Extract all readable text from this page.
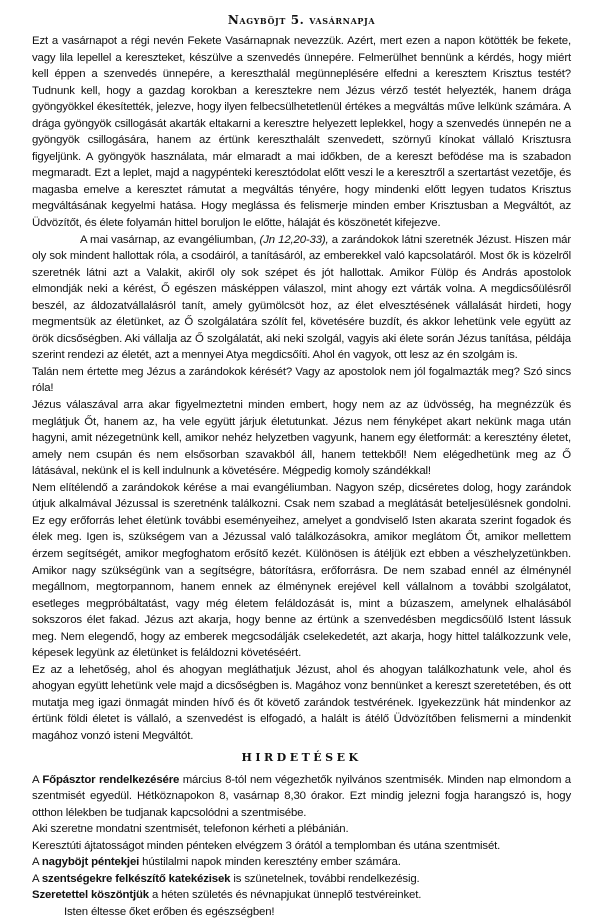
Nagyböjt 5. vasárnapja

Ezt a vasárnapot a régi nevén Fekete Vasárnapnak nevezzük. Azért, mert ezen a napon kötötték be fekete, vagy lila lepellel a kereszteket, készülve a szenvedés ünnepére. Felmerülhet bennünk a kérdés, hogy miért kell éppen a szenvedés ünnepére, a kereszthalál megünneplésére elfedni a keresztem Krisztus testét? Tudnunk kell, hogy a gazdag korokban a keresztekre nem Jézus vérző testét helyezték, hanem drága gyöngyökkel ékesítették, jelezve, hogy ilyen felbecsülhetetlenül értékes a megváltás műve lelkünk számára. A drága gyöngyök csillogását akarták eltakarni a keresztre helyezett leplekkel, hogy a szenvedés ünnepén ne a gyöngyök csillogására, hanem az értünk kereszthalált szenvedett, szörnyű kínokat vállaló Krisztusra figyeljünk. A gyöngyök használata, már elmaradt a mai időkben, de a kereszt befödése ma is szabadon megmaradt. Ezt a leplet, majd a nagypénteki keresztódolat előtt veszi le a keresztről a szertartást vezetője, és magasba emelve a keresztet rámutat a megváltás tényére, hogy mindenki előtt legyen tudatos Krisztus megváltásának kegyelmi hatása. Hogy meglássa és felismerje minden ember Krisztusban a Megváltót, az Üdvözítőt, és élete folyamán hittel boruljon le előtte, hálaját és köszönetét kifejezve.

A mai vasárnap, az evangéliumban, (Jn 12,20-33), a zarándokok látni szeretnék Jézust. Hiszen már oly sok mindent hallottak róla, a csodáiról, a tanításáról, az emberekkel való kapcsolatáról. Most ők is közelről szeretnék látni azt a Valakit, akiről oly sok szépet és jót hallottak. Amikor Fülöp és András apostolok elmondják neki a kérést, Ő egészen másképpen válaszol, mint ahogy ezt várták volna. A megdicsőülésről beszél, az áldozatvállalásról tanít, amely gyümölcsöt hoz, az élet elvesztésének vállalását hirdeti, hogy megmentsük az életünket, az Ő szolgálatára szólít fel, követésére buzdít, és akkor lehetünk vele együtt az örök dicsőségben. Aki vállalja az Ő szolgálatát, aki neki szolgál, vagyis aki élete során Jézus tanítása, példája szerint rendezi az életét, azt a mennyei Atya megdicsőíti. Ahol én vagyok, ott lesz az én szolgám is.

Talán nem értette meg Jézus a zarándokok kérését? Vagy az apostolok nem jól fogalmazták meg? Szó sincs róla!

Jézus válaszával arra akar figyelmeztetni minden embert, hogy nem az az üdvösség, ha megnézzük és meglátjuk Őt, hanem az, ha vele együtt járjuk életutunkat. Jézus nem fényképet akart nekünk maga után hagyni, amit nézegetnünk kell, amikor nehéz helyzetben vagyunk, hanem egy életformát: a keresztény életet, amely nem csupán és nem elsősorban szavakból áll, hanem tettekből! Nem elégedhetünk meg az Ő látásával, nekünk el is kell indulnunk a követésére. Mégpedig komoly szándékkal!

Nem elítélendő a zarándokok kérése a mai evangéliumban. Nagyon szép, dicséretes dolog, hogy zarándok útjuk alkalmával Jézussal is szeretnénk találkozni. Csak nem szabad a meglátását beteljesülésnek gondolni. Ez egy erőforrás lehet életünk további eseményeihez, amelyet a gondviselő Isten akarata szerint fogadok és élek meg. Igen is, szükségem van a Jézussal való találkozásokra, amikor meglátom Őt, amikor mellettem érzem segítségét, amikor megfoghatom erősítő kezét. Különösen is átéljük ezt ebben a vészhelyzetünkben. Amikor nagy szükségünk van a segítségre, bátorításra, erőforrásra. De nem szabad ennél az élménynél megállnom, megtorpannom, hanem ennek az élménynek erejével kell vállalnom a további szolgálatot, esetleges megpróbáltatást, vagy még életem feláldozását is, mint a búzaszem, amelynek elhalásából sokszoros élet fakad. Jézus azt akarja, hogy benne az értünk a szenvedésben megdicsőülő Istent lássuk meg. Nem elegendő, hogy az emberek megcsodálják cselekedetét, azt akarja, hogy hittel találkozzunk vele, képesek legyünk az életünket is feláldozni követéséért.

Ez az a lehetőség, ahol és ahogyan megláthatjuk Jézust, ahol és ahogyan találkozhatunk vele, ahol és ahogyan együtt lehetünk vele majd a dicsőségben is. Magához vonz bennünket a kereszt szeretetében, és ott mutatja meg igazi önmagát minden hívő és őt követő zarándok testvérének. Igyekezzünk hát mindenkor az értünk földi életet is vállaló, a szenvedést is elfogadó, a halált is átélő Üdvözítőben felismerni a mindenkit magához vonzó isteni Megváltót.

HIRDETÉSEK

A Főpásztor rendelkezésére március 8-tól nem végezhetők nyilvános szentmisék. Minden nap elmondom a szentmisét egyedül. Hétköznapokon 8, vasárnap 8,30 órakor. Ezt mindig jelezni fogja harangszó is, hogy otthon lélekben be tudjanak kapcsolódni a szentmisébe.

Aki szeretne mondatni szentmisét, telefonon kérheti a plébánián.

Keresztúti ájtatosságot minden pénteken elvégzem 3 órától a templomban és utána szentmisét.

A nagyböjt péntekjei hústilalmi napok minden keresztény ember számára.

A szentségekre felkészítő katekézisek is szünetelnek, további rendelkezésig.

Szeretettel köszöntjük a héten születés és névnapjukat ünneplő testvéreinket.

Isten éltesse őket erőben és egészségben!
